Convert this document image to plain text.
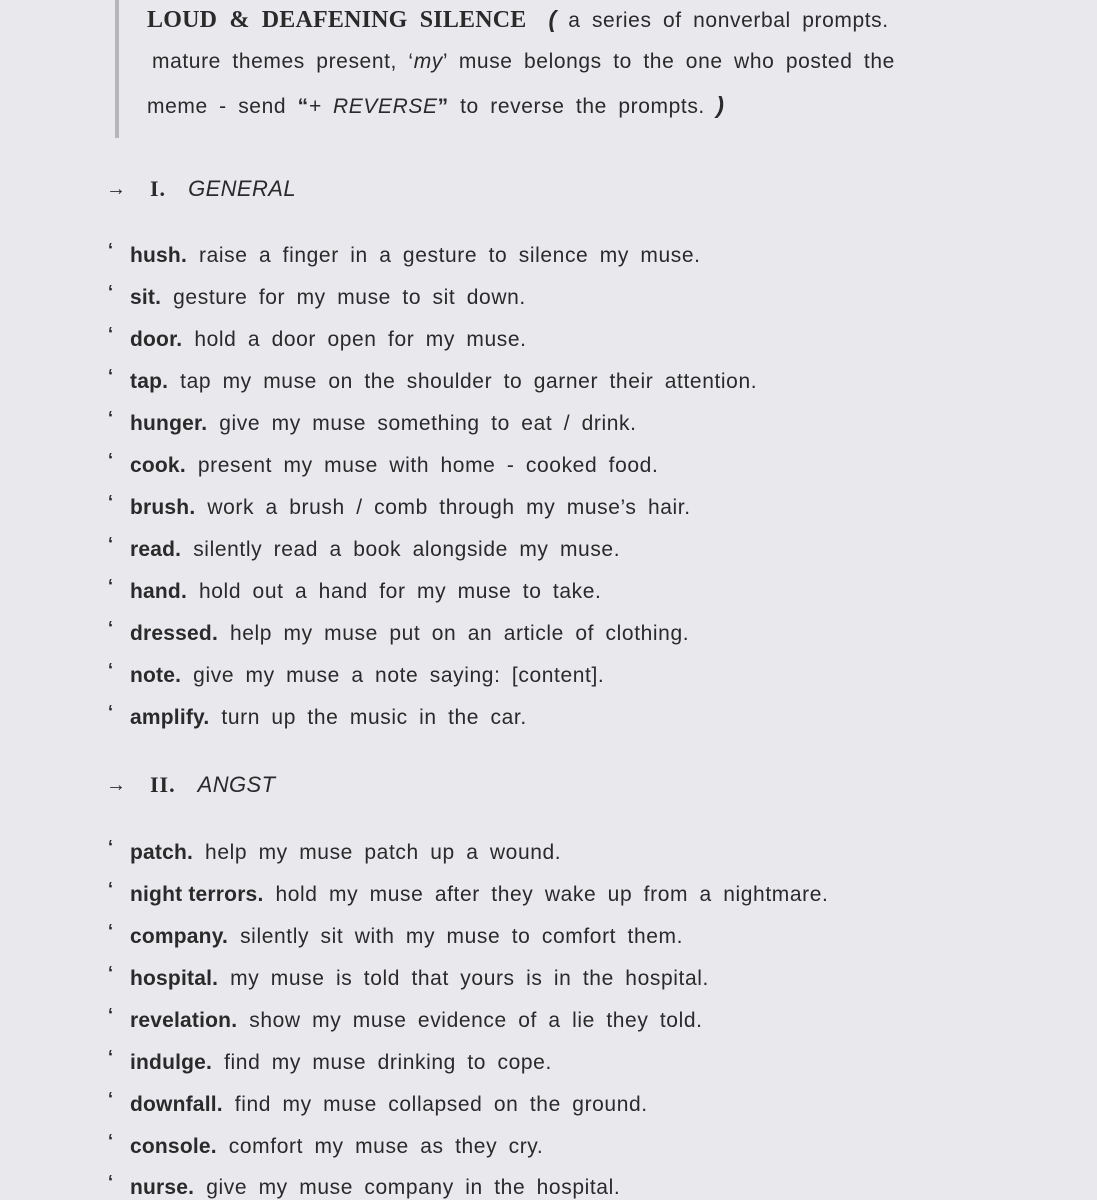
LOUD & DEAFENING SILENCE ( a series of nonverbal prompts.
mature themes present, ‘my’ muse belongs to the one who posted the
meme - send “+ REVERSE” to reverse the prompts. )
→	I. GENERAL
‘ hush. raise a finger in a gesture to silence my muse.
‘ sit. gesture for my muse to sit down.
‘ door. hold a door open for my muse.
‘ tap. tap my muse on the shoulder to garner their attention.
‘ hunger. give my muse something to eat / drink.
‘ cook. present my muse with home - cooked food.
‘ brush. work a brush / comb through my muse’s hair.
‘ read. silently read a book alongside my muse.
‘ hand. hold out a hand for my muse to take.
‘ dressed. help my muse put on an article of clothing.
‘ note. give my muse a note saying: [content].
‘ amplify. turn up the music in the car.
→	II. ANGST
‘ patch. help my muse patch up a wound.
‘ night terrors. hold my muse after they wake up from a nightmare.
‘ company. silently sit with my muse to comfort them.
‘ hospital. my muse is told that yours is in the hospital.
‘ revelation. show my muse evidence of a lie they told.
‘ indulge. find my muse drinking to cope.
‘ downfall. find my muse collapsed on the ground.
‘ console. comfort my muse as they cry.
‘ nurse. give my muse company in the hospital.
